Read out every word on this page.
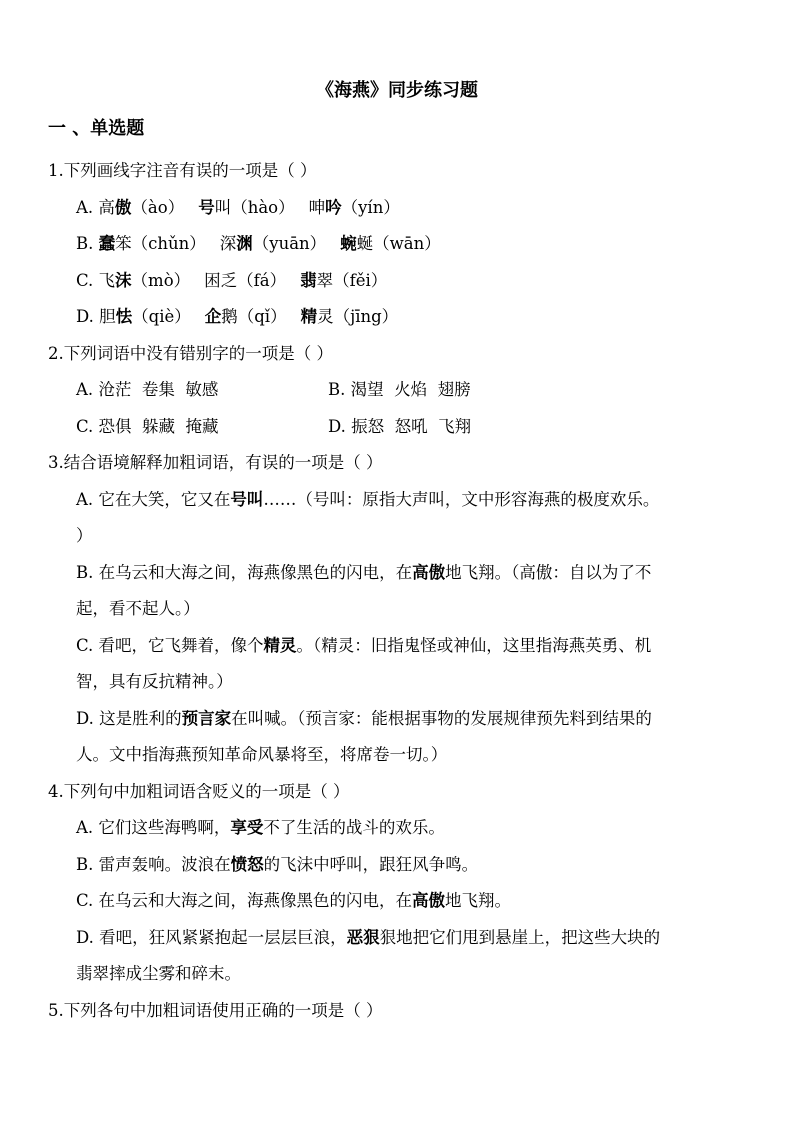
《海燕》同步练习题
一 、单选题
1.下列画线字注音有误的一项是（ ）
A. 高傲（ào） 号叫（hào） 呻吟（yín）
B. 蠢笨（chǔn） 深渊（yuān） 蜿蜒（wān）
C. 飞沫（mò） 困乏（fá） 翡翠（fěi）
D. 胆怯（qiè） 企鹅（qǐ） 精灵（jīng）
2.下列词语中没有错别字的一项是（ ）
A. 沧茫  卷集  敏感	B. 渴望  火焰  翅膀
C. 恐俱  躲藏  掩藏	D. 振怒  怒吼  飞翔
3.结合语境解释加粗词语，有误的一项是（ ）
A. 它在大笑，它又在号叫……（号叫：原指大声叫，文中形容海燕的极度欢乐。
）
B. 在乌云和大海之间，海燕像黑色的闪电，在高傲地飞翔。（高傲：自以为了不
起，看不起人。）
C. 看吧，它飞舞着，像个精灵。（精灵：旧指鬼怪或神仙，这里指海燕英勇、机
智，具有反抗精神。）
D. 这是胜利的预言家在叫喊。（预言家：能根据事物的发展规律预先料到结果的
人。文中指海燕预知革命风暴将至，将席卷一切。）
4.下列句中加粗词语含贬义的一项是（ ）
A. 它们这些海鸭啊，享受不了生活的战斗的欢乐。
B. 雷声轰响。波浪在愤怒的飞沫中呼叫，跟狂风争鸣。
C. 在乌云和大海之间，海燕像黑色的闪电，在高傲地飞翔。
D. 看吧，狂风紧紧抱起一层层巨浪，恶狠狠地把它们甩到悬崖上，把这些大块的
翡翠摔成尘雾和碎末。
5.下列各句中加粗词语使用正确的一项是（ ）
